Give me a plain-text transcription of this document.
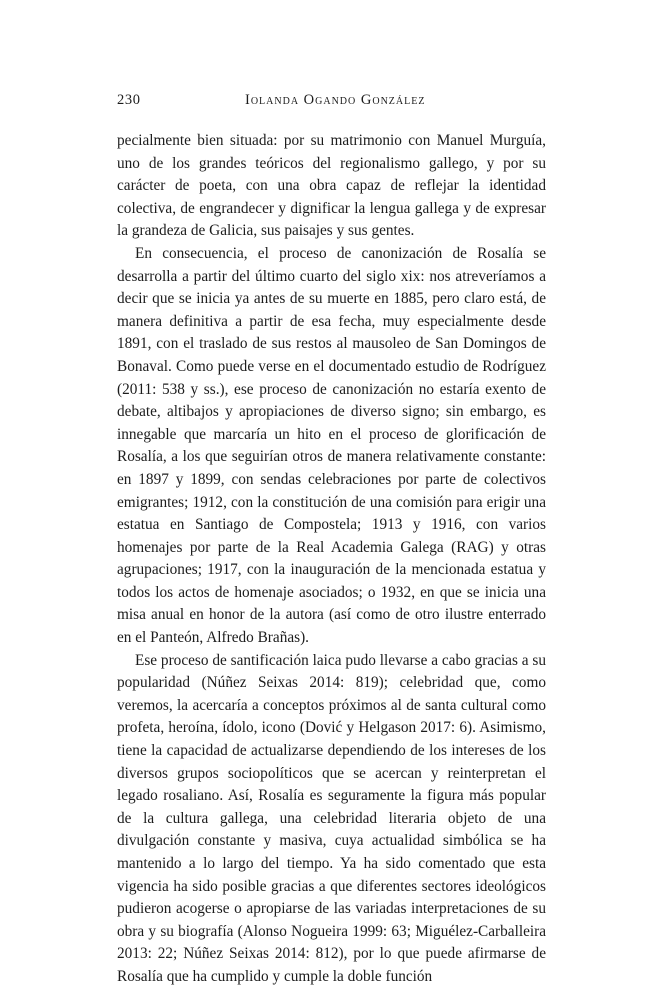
230	Iolanda Ogando González

pecialmente bien situada: por su matrimonio con Manuel Murguía, uno de los grandes teóricos del regionalismo gallego, y por su carácter de poeta, con una obra capaz de reflejar la identidad colectiva, de engrandecer y dignificar la lengua gallega y de expresar la grandeza de Galicia, sus paisajes y sus gentes.

En consecuencia, el proceso de canonización de Rosalía se desarrolla a partir del último cuarto del siglo xix: nos atreveríamos a decir que se inicia ya antes de su muerte en 1885, pero claro está, de manera definitiva a partir de esa fecha, muy especialmente desde 1891, con el traslado de sus restos al mausoleo de San Domingos de Bonaval. Como puede verse en el documentado estudio de Rodríguez (2011: 538 y ss.), ese proceso de canonización no estaría exento de debate, altibajos y apropiaciones de diverso signo; sin embargo, es innegable que marcaría un hito en el proceso de glorificación de Rosalía, a los que seguirían otros de manera relativamente constante: en 1897 y 1899, con sendas celebraciones por parte de colectivos emigrantes; 1912, con la constitución de una comisión para erigir una estatua en Santiago de Compostela; 1913 y 1916, con varios homenajes por parte de la Real Academia Galega (RAG) y otras agrupaciones; 1917, con la inauguración de la mencionada estatua y todos los actos de homenaje asociados; o 1932, en que se inicia una misa anual en honor de la autora (así como de otro ilustre enterrado en el Panteón, Alfredo Brañas).

Ese proceso de santificación laica pudo llevarse a cabo gracias a su popularidad (Núñez Seixas 2014: 819); celebridad que, como veremos, la acercaría a conceptos próximos al de santa cultural como profeta, heroína, ídolo, icono (Dović y Helgason 2017: 6). Asimismo, tiene la capacidad de actualizarse dependiendo de los intereses de los diversos grupos sociopolíticos que se acercan y reinterpretan el legado rosaliano. Así, Rosalía es seguramente la figura más popular de la cultura gallega, una celebridad literaria objeto de una divulgación constante y masiva, cuya actualidad simbólica se ha mantenido a lo largo del tiempo. Ya ha sido comentado que esta vigencia ha sido posible gracias a que diferentes sectores ideológicos pudieron acogerse o apropiarse de las variadas interpretaciones de su obra y su biografía (Alonso Nogueira 1999: 63; Miguélez-Carballeira 2013: 22; Núñez Seixas 2014: 812), por lo que puede afirmarse de Rosalía que ha cumplido y cumple la doble función
